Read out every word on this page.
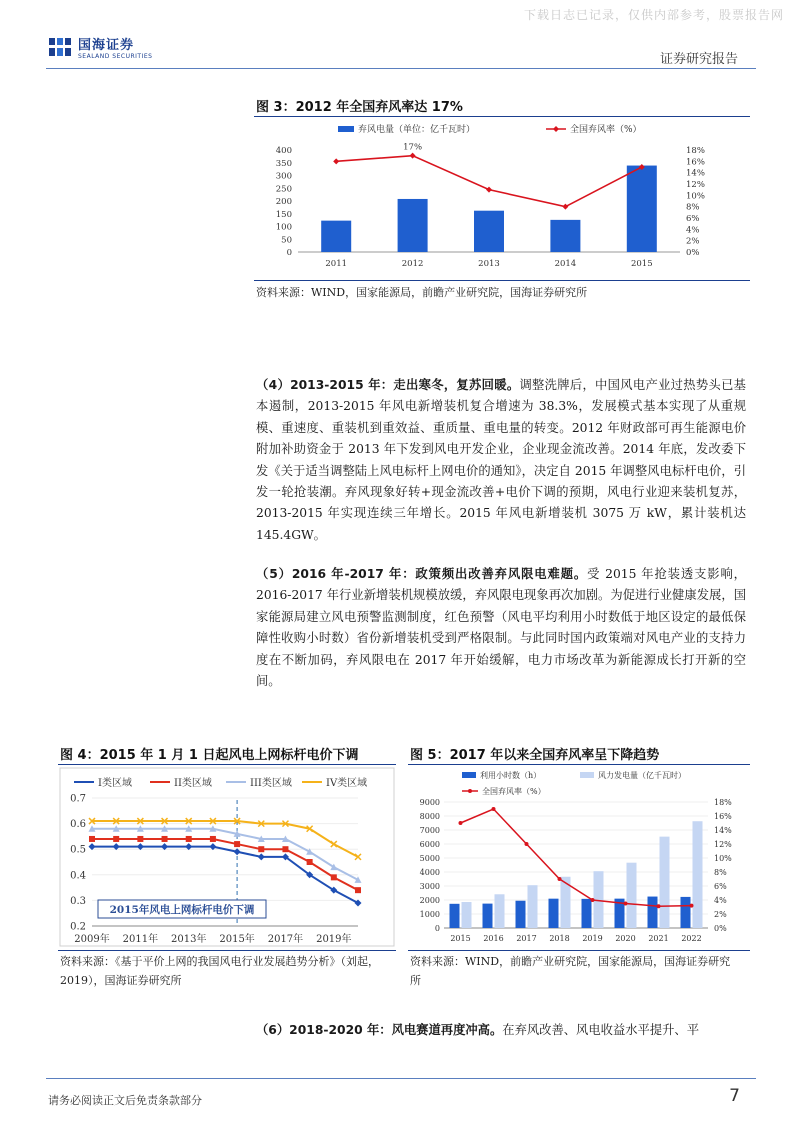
下载日志已记录，仅供内部参考，股票报告网
国海证券
SEALAND SECURITIES	证券研究报告
图 3：2012 年全国弃风率达 17%
弃风电量（单位：亿千瓦时）	全国弃风率（%）
0
50
100
150
200
250
300
350
400
0%
2%
4%
6%
8%
10%
12%
14%
16%
18%
2011	2012	2013	2014	2015
17%
资料来源：WIND，国家能源局，前瞻产业研究院，国海证券研究所
（4）2013-2015 年：走出寒冬，复苏回暖。调整洗牌后，中国风电产业过热势头已基本遏制，2013-2015 年风电新增装机复合增速为 38.3%，发展模式基本实现了从重规模、重速度、重装机到重效益、重质量、重电量的转变。2012 年财政部可再生能源电价附加补助资金于 2013 年下发到风电开发企业，企业现金流改善。2014 年底，发改委下发《关于适当调整陆上风电标杆上网电价的通知》，决定自 2015 年调整风电标杆电价，引发一轮抢装潮。弃风现象好转+现金流改善+电价下调的预期，风电行业迎来装机复苏，2013-2015 年实现连续三年增长。2015 年风电新增装机 3075 万 kW，累计装机达 145.4GW。
（5）2016 年-2017 年：政策频出改善弃风限电难题。受 2015 年抢装透支影响，2016-2017 年行业新增装机规模放缓，弃风限电现象再次加剧。为促进行业健康发展，国家能源局建立风电预警监测制度，红色预警（风电平均利用小时数低于地区设定的最低保障性收购小时数）省份新增装机受到严格限制。与此同时国内政策端对风电产业的支持力度在不断加码，弃风限电在 2017 年开始缓解，电力市场改革为新能源成长打开新的空间。
图 4：2015 年 1 月 1 日起风电上网标杆电价下调
I类区域	II类区域	III类区域	IV类区域
0.2
0.3
0.4
0.5
0.6
0.7
2009年 2011年 2013年 2015年 2017年 2019年
2015年风电上网标杆电价下调
资料来源：《基于平价上网的我国风电行业发展趋势分析》（刘起，2019），国海证券研究所
图 5：2017 年以来全国弃风率呈下降趋势
利用小时数（h）	风力发电量（亿千瓦时）
全国弃风率（%）
0
1000
2000
3000
4000
5000
6000
7000
8000
9000
0%
2%
4%
6%
8%
10%
12%
14%
16%
18%
2015 2016 2017 2018 2019 2020 2021 2022
资料来源：WIND，前瞻产业研究院，国家能源局，国海证券研究所
（6）2018-2020 年：风电赛道再度冲高。在弃风改善、风电收益水平提升、平
请务必阅读正文后免责条款部分	7
